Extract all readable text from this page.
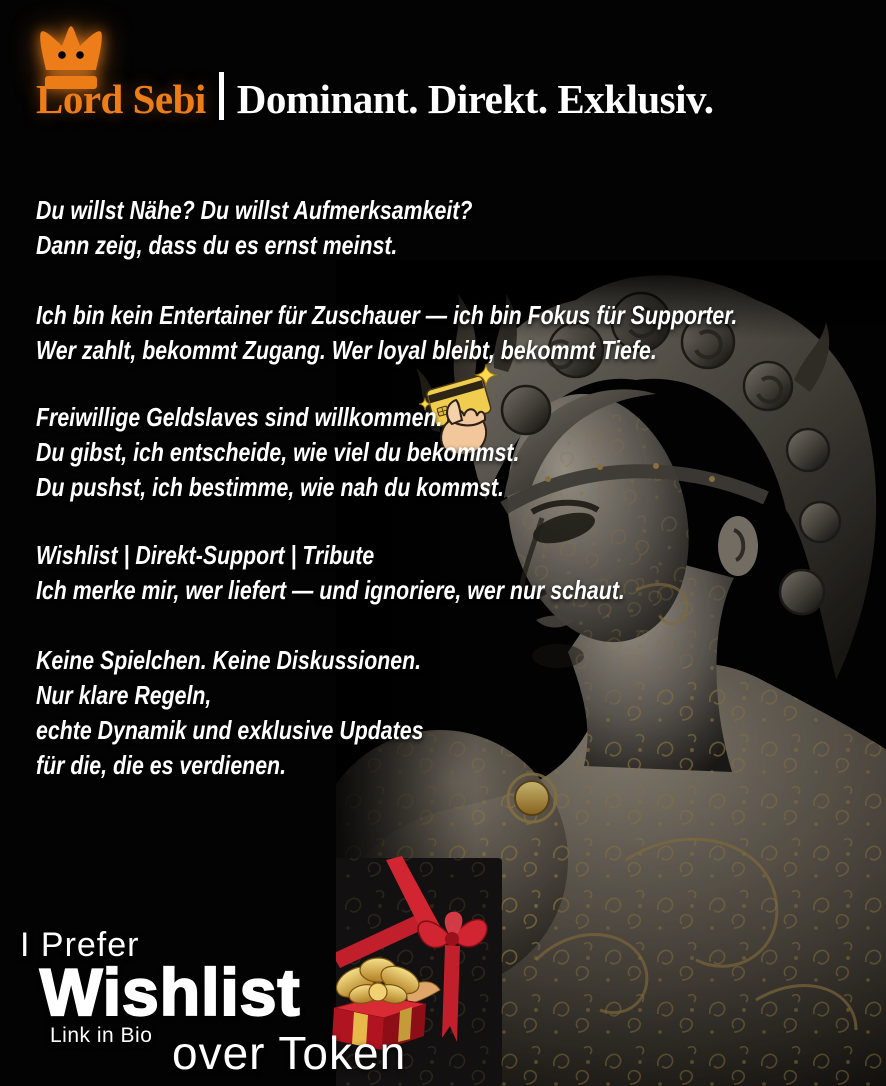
Lord Sebi Dominant. Direkt. Exklusiv.
Du willst Nähe? Du willst Aufmerksamkeit?
Dann zeig, dass du es ernst meinst.
Ich bin kein Entertainer für Zuschauer — ich bin Fokus für Supporter.
Wer zahlt, bekommt Zugang. Wer loyal bleibt, bekommt Tiefe.
Freiwillige Geldslaves sind willkommen.
Du gibst, ich entscheide, wie viel du bekommst.
Du pushst, ich bestimme, wie nah du kommst.
Wishlist | Direkt-Support | Tribute
Ich merke mir, wer liefert — und ignoriere, wer nur schaut.
Keine Spielchen. Keine Diskussionen.
Nur klare Regeln,
echte Dynamik und exklusive Updates
für die, die es verdienen.
I Prefer
Wishlist
Link in Bio over Token
